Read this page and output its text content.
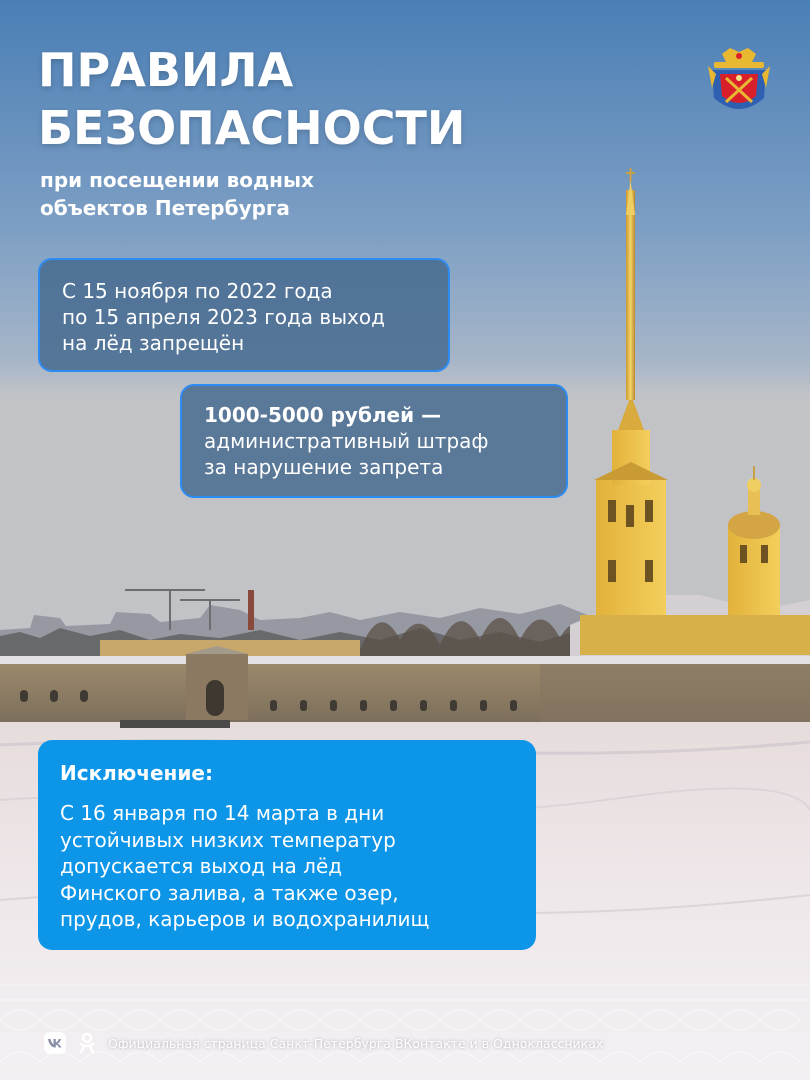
ПРАВИЛА
БЕЗОПАСНОСТИ
при посещении водных
объектов Петербурга
С 15 ноября по 2022 года
по 15 апреля 2023 года выход
на лёд запрещён
1000-5000 рублей —
административный штраф
за нарушение запрета
Исключение:
С 16 января по 14 марта в дни
устойчивых низких температур
допускается выход на лёд
Финского залива, а также озер,
прудов, карьеров и водохранилищ
Официальная страница Санкт-Петербурга ВКонтакте и в Одноклассниках
